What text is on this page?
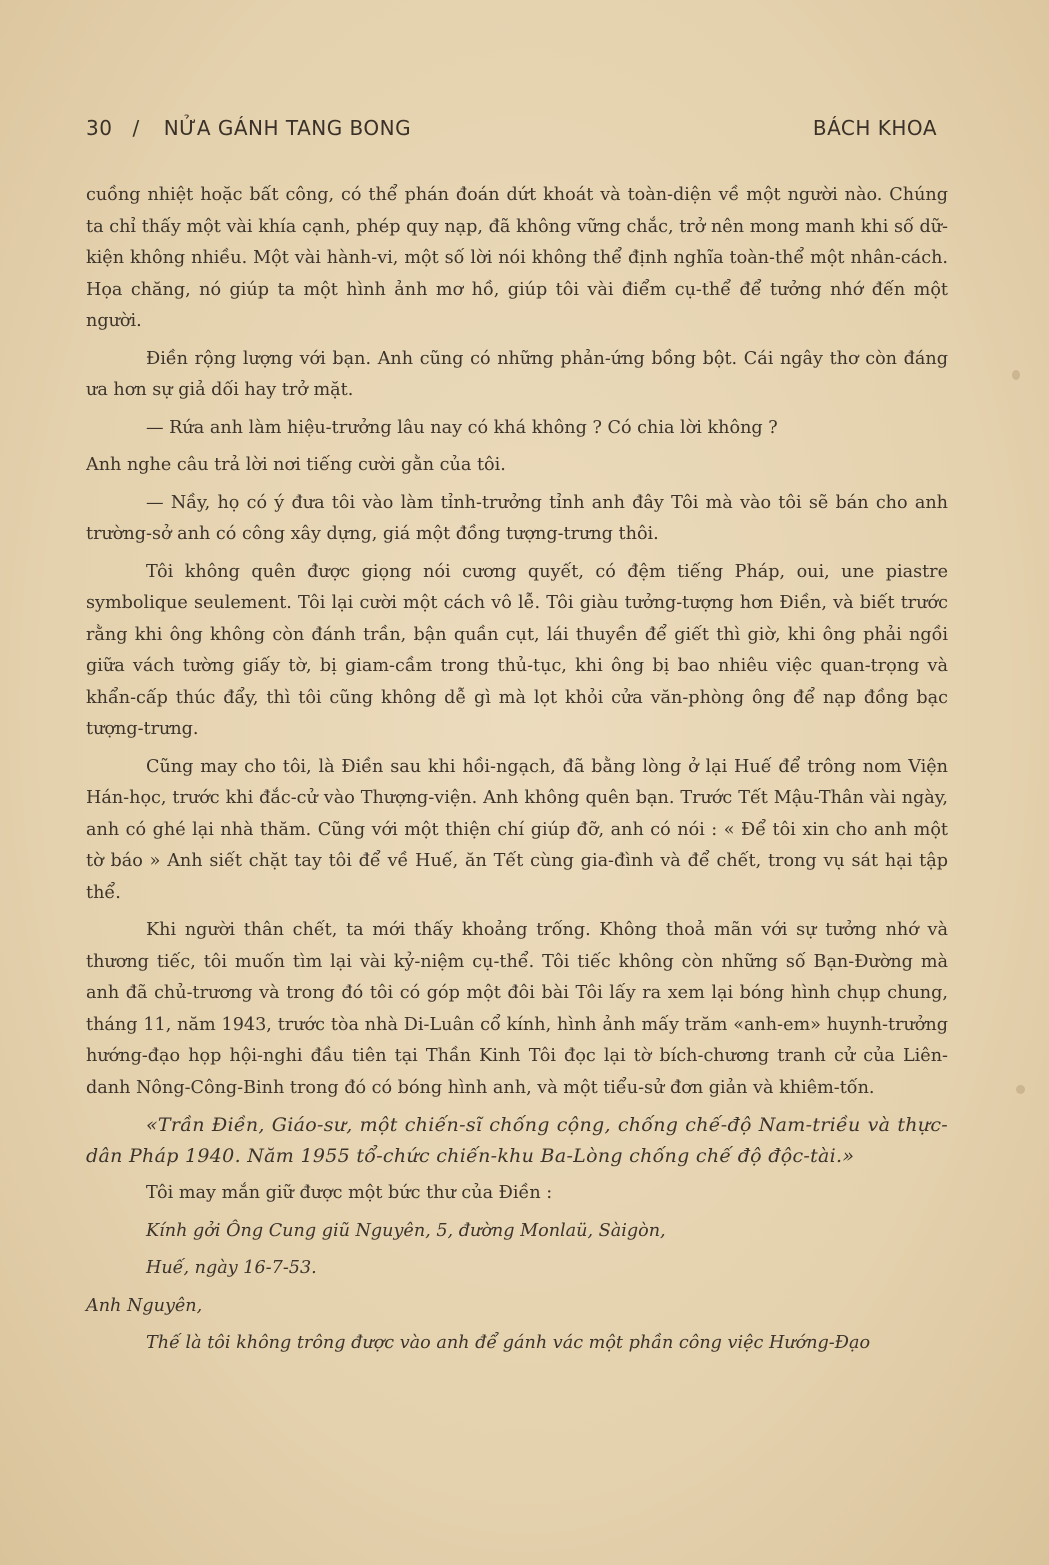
30 / NỬA GÁNH TANG BONG	BÁCH KHOA

cuồng nhiệt hoặc bất công, có thể phán đoán dứt khoát và toàn-diện về một người nào. Chúng ta chỉ thấy một vài khía cạnh, phép quy nạp, đã không vững chắc, trở nên mong manh khi số dữ-kiện không nhiều. Một vài hành-vi, một số lời nói không thể định nghĩa toàn-thể một nhân-cách. Họa chăng, nó giúp ta một hình ảnh mơ hồ, giúp tôi vài điểm cụ-thể để tưởng nhớ đến một người.

Điền rộng lượng với bạn. Anh cũng có những phản-ứng bồng bột. Cái ngây thơ còn đáng ưa hơn sự giả dối hay trở mặt.

— Rứa anh làm hiệu-trưởng lâu nay có khá không ? Có chia lời không ?

Anh nghe câu trả lời nơi tiếng cười gằn của tôi.

— Nầy, họ có ý đưa tôi vào làm tỉnh-trưởng tỉnh anh đây Tôi mà vào tôi sẽ bán cho anh trường-sở anh có công xây dựng, giá một đồng tượng-trưng thôi.

Tôi không quên được giọng nói cương quyết, có đệm tiếng Pháp, oui, une piastre symbolique seulement. Tôi lại cười một cách vô lễ. Tôi giàu tưởng-tượng hơn Điền, và biết trước rằng khi ông không còn đánh trần, bận quần cụt, lái thuyền để giết thì giờ, khi ông phải ngồi giữa vách tường giấy tờ, bị giam-cầm trong thủ-tục, khi ông bị bao nhiêu việc quan-trọng và khẩn-cấp thúc đẩy, thì tôi cũng không dễ gì mà lọt khỏi cửa văn-phòng ông để nạp đồng bạc tượng-trưng.

Cũng may cho tôi, là Điền sau khi hồi-ngạch, đã bằng lòng ở lại Huế để trông nom Viện Hán-học, trước khi đắc-cử vào Thượng-viện. Anh không quên bạn. Trước Tết Mậu-Thân vài ngày, anh có ghé lại nhà thăm. Cũng với một thiện chí giúp đỡ, anh có nói : « Để tôi xin cho anh một tờ báo » Anh siết chặt tay tôi để về Huế, ăn Tết cùng gia-đình và để chết, trong vụ sát hại tập thể.

Khi người thân chết, ta mới thấy khoảng trống. Không thoả mãn với sự tưởng nhớ và thương tiếc, tôi muốn tìm lại vài kỷ-niệm cụ-thể. Tôi tiếc không còn những số Bạn-Đường mà anh đã chủ-trương và trong đó tôi có góp một đôi bài Tôi lấy ra xem lại bóng hình chụp chung, tháng 11, năm 1943, trước tòa nhà Di-Luân cổ kính, hình ảnh mấy trăm «anh-em» huynh-trưởng hướng-đạo họp hội-nghi đầu tiên tại Thần Kinh Tôi đọc lại tờ bích-chương tranh cử của Liên-danh Nông-Công-Binh trong đó có bóng hình anh, và một tiểu-sử đơn giản và khiêm-tốn.

«Trần Điền, Giáo-sư, một chiến-sĩ chống cộng, chống chế-độ Nam-triều và thực-dân Pháp 1940. Năm 1955 tổ-chức chiến-khu Ba-Lòng chống chế độ độc-tài.»

Tôi may mắn giữ được một bức thư của Điền :

Kính gởi Ông Cung giũ Nguyên, 5, đường Monlaü, Sàigòn,

Huế, ngày 16-7-53.

Anh Nguyên,

Thế là tôi không trông được vào anh để gánh vác một phần công việc Hướng-Đạo
